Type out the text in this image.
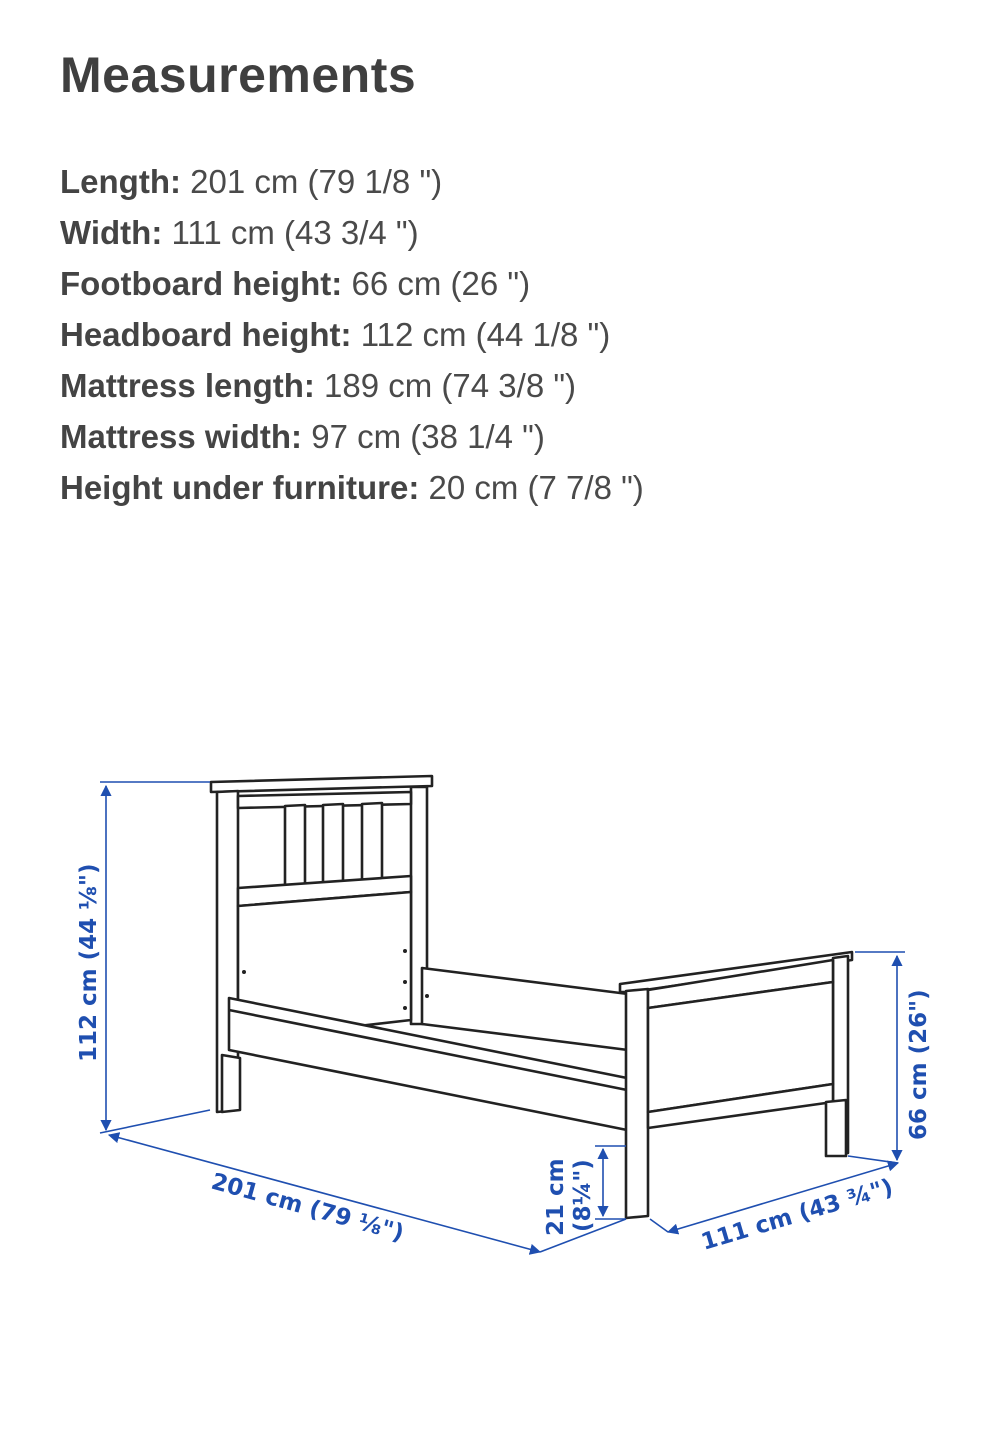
Measurements
Length: 201 cm (79 1/8 ")
Width: 111 cm (43 3/4 ")
Footboard height: 66 cm (26 ")
Headboard height: 112 cm (44 1/8 ")
Mattress length: 189 cm (74 3/8 ")
Mattress width: 97 cm (38 1/4 ")
Height under furniture: 20 cm (7 7/8 ")
112 cm (44 ⅛")
201 cm (79 ⅛")	21 cm (8¼")	111 cm (43 ¾")
66 cm (26")
